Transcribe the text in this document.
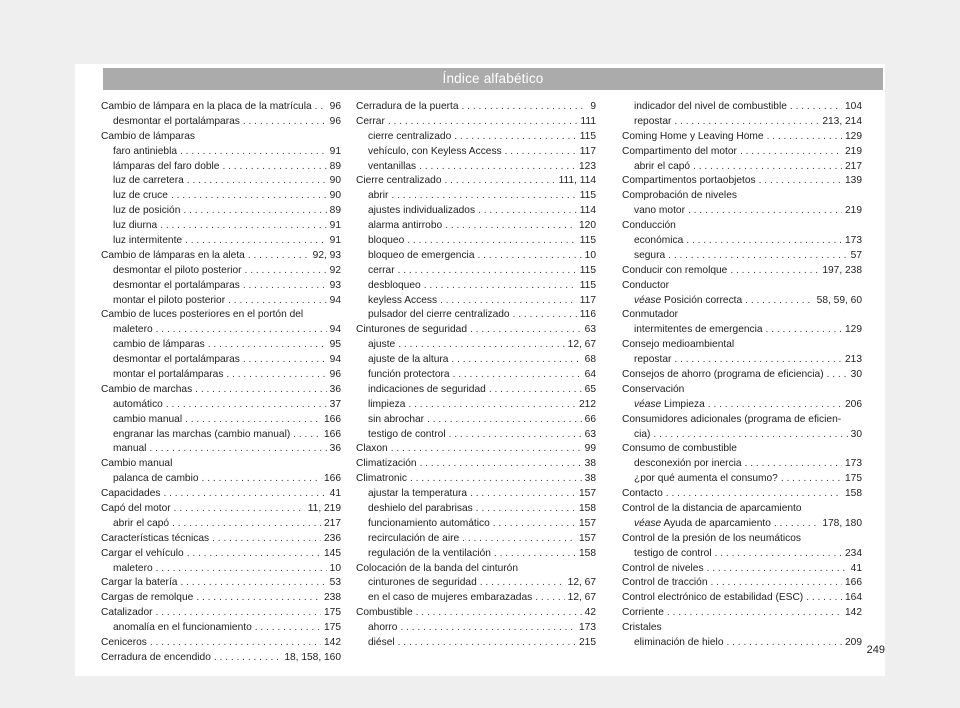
Índice alfabético
Cambio de lámpara en la placa de la matrícula . . . 96
desmontar el portalámparas . . .	96
Cambio de lámparas
faro antiniebla . . .	91
lámparas del faro doble . . .	89
luz de carretera . . .	90
luz de cruce . . .	90
luz de posición . . .	89
luz diurna . . .	91
luz intermitente . . .	91
Cambio de lámparas en la aleta . . .	92, 93
desmontar el piloto posterior . . .	92
desmontar el portalámparas . . .	93
montar el piloto posterior . . .	94
Cambio de luces posteriores en el portón del
maletero . . .	94
cambio de lámparas . . .	95
desmontar el portalámparas . . .	94
montar el portalámparas . . .	96
Cambio de marchas . . .	36
automático . . .	37
cambio manual . . .	166
engranar las marchas (cambio manual) . . .	166
manual . . .	36
Cambio manual
palanca de cambio . . .	166
Capacidades . . .	41
Capó del motor . . .	11, 219
abrir el capó . . .	217
Características técnicas . . .	236
Cargar el vehículo . . .	145
maletero . . .	10
Cargar la batería . . .	53
Cargas de remolque . . .	238
Catalizador . . .	175
anomalía en el funcionamiento . . .	175
Ceniceros . . .	142
Cerradura de encendido . . .	18, 158, 160
Cerradura de la puerta . . .	9
Cerrar . . .	111
cierre centralizado . . .	115
vehículo, con Keyless Access . . .	117
ventanillas . . .	123
Cierre centralizado . . .	111, 114
abrir . . .	115
ajustes individualizados . . .	114
alarma antirrobo . . .	120
bloqueo . . .	115
bloqueo de emergencia . . .	10
cerrar . . .	115
desbloqueo . . .	115
keyless Access . . .	117
pulsador del cierre centralizado . . .	116
Cinturones de seguridad . . .	63
ajuste . . .	12, 67
ajuste de la altura . . .	68
función protectora . . .	64
indicaciones de seguridad . . .	65
limpieza . . .	212
sin abrochar . . .	66
testigo de control . . .	63
Claxon . . .	99
Climatización . . .	38
Climatronic . . .	38
ajustar la temperatura . . .	157
deshielo del parabrisas . . .	158
funcionamiento automático . . .	157
recirculación de aire . . .	157
regulación de la ventilación . . .	158
Colocación de la banda del cinturón
cinturones de seguridad . . .	12, 67
en el caso de mujeres embarazadas . . .	12, 67
Combustible . . .	42
ahorro . . .	173
diésel . . .	215
indicador del nivel de combustible . . .	104
repostar . . .	213, 214
Coming Home y Leaving Home . . .	129
Compartimento del motor . . .	219
abrir el capó . . .	217
Compartimentos portaobjetos . . .	139
Comprobación de niveles
vano motor . . .	219
Conducción
económica . . .	173
segura . . .	57
Conducir con remolque . . .	197, 238
Conductor
véase Posición correcta . . .	58, 59, 60
Conmutador
intermitentes de emergencia . . .	129
Consejo medioambiental
repostar . . .	213
Consejos de ahorro (programa de eficiencia) . . .	30
Conservación
véase Limpieza . . .	206
Consumidores adicionales (programa de eficien-
cia) . . .	30
Consumo de combustible
desconexión por inercia . . .	173
¿por qué aumenta el consumo? . . .	175
Contacto . . .	158
Control de la distancia de aparcamiento
véase Ayuda de aparcamiento . . .	178, 180
Control de la presión de los neumáticos
testigo de control . . .	234
Control de niveles . . .	41
Control de tracción . . .	166
Control electrónico de estabilidad (ESC) . . .	164
Corriente . . .	142
Cristales
eliminación de hielo . . .	209
249
